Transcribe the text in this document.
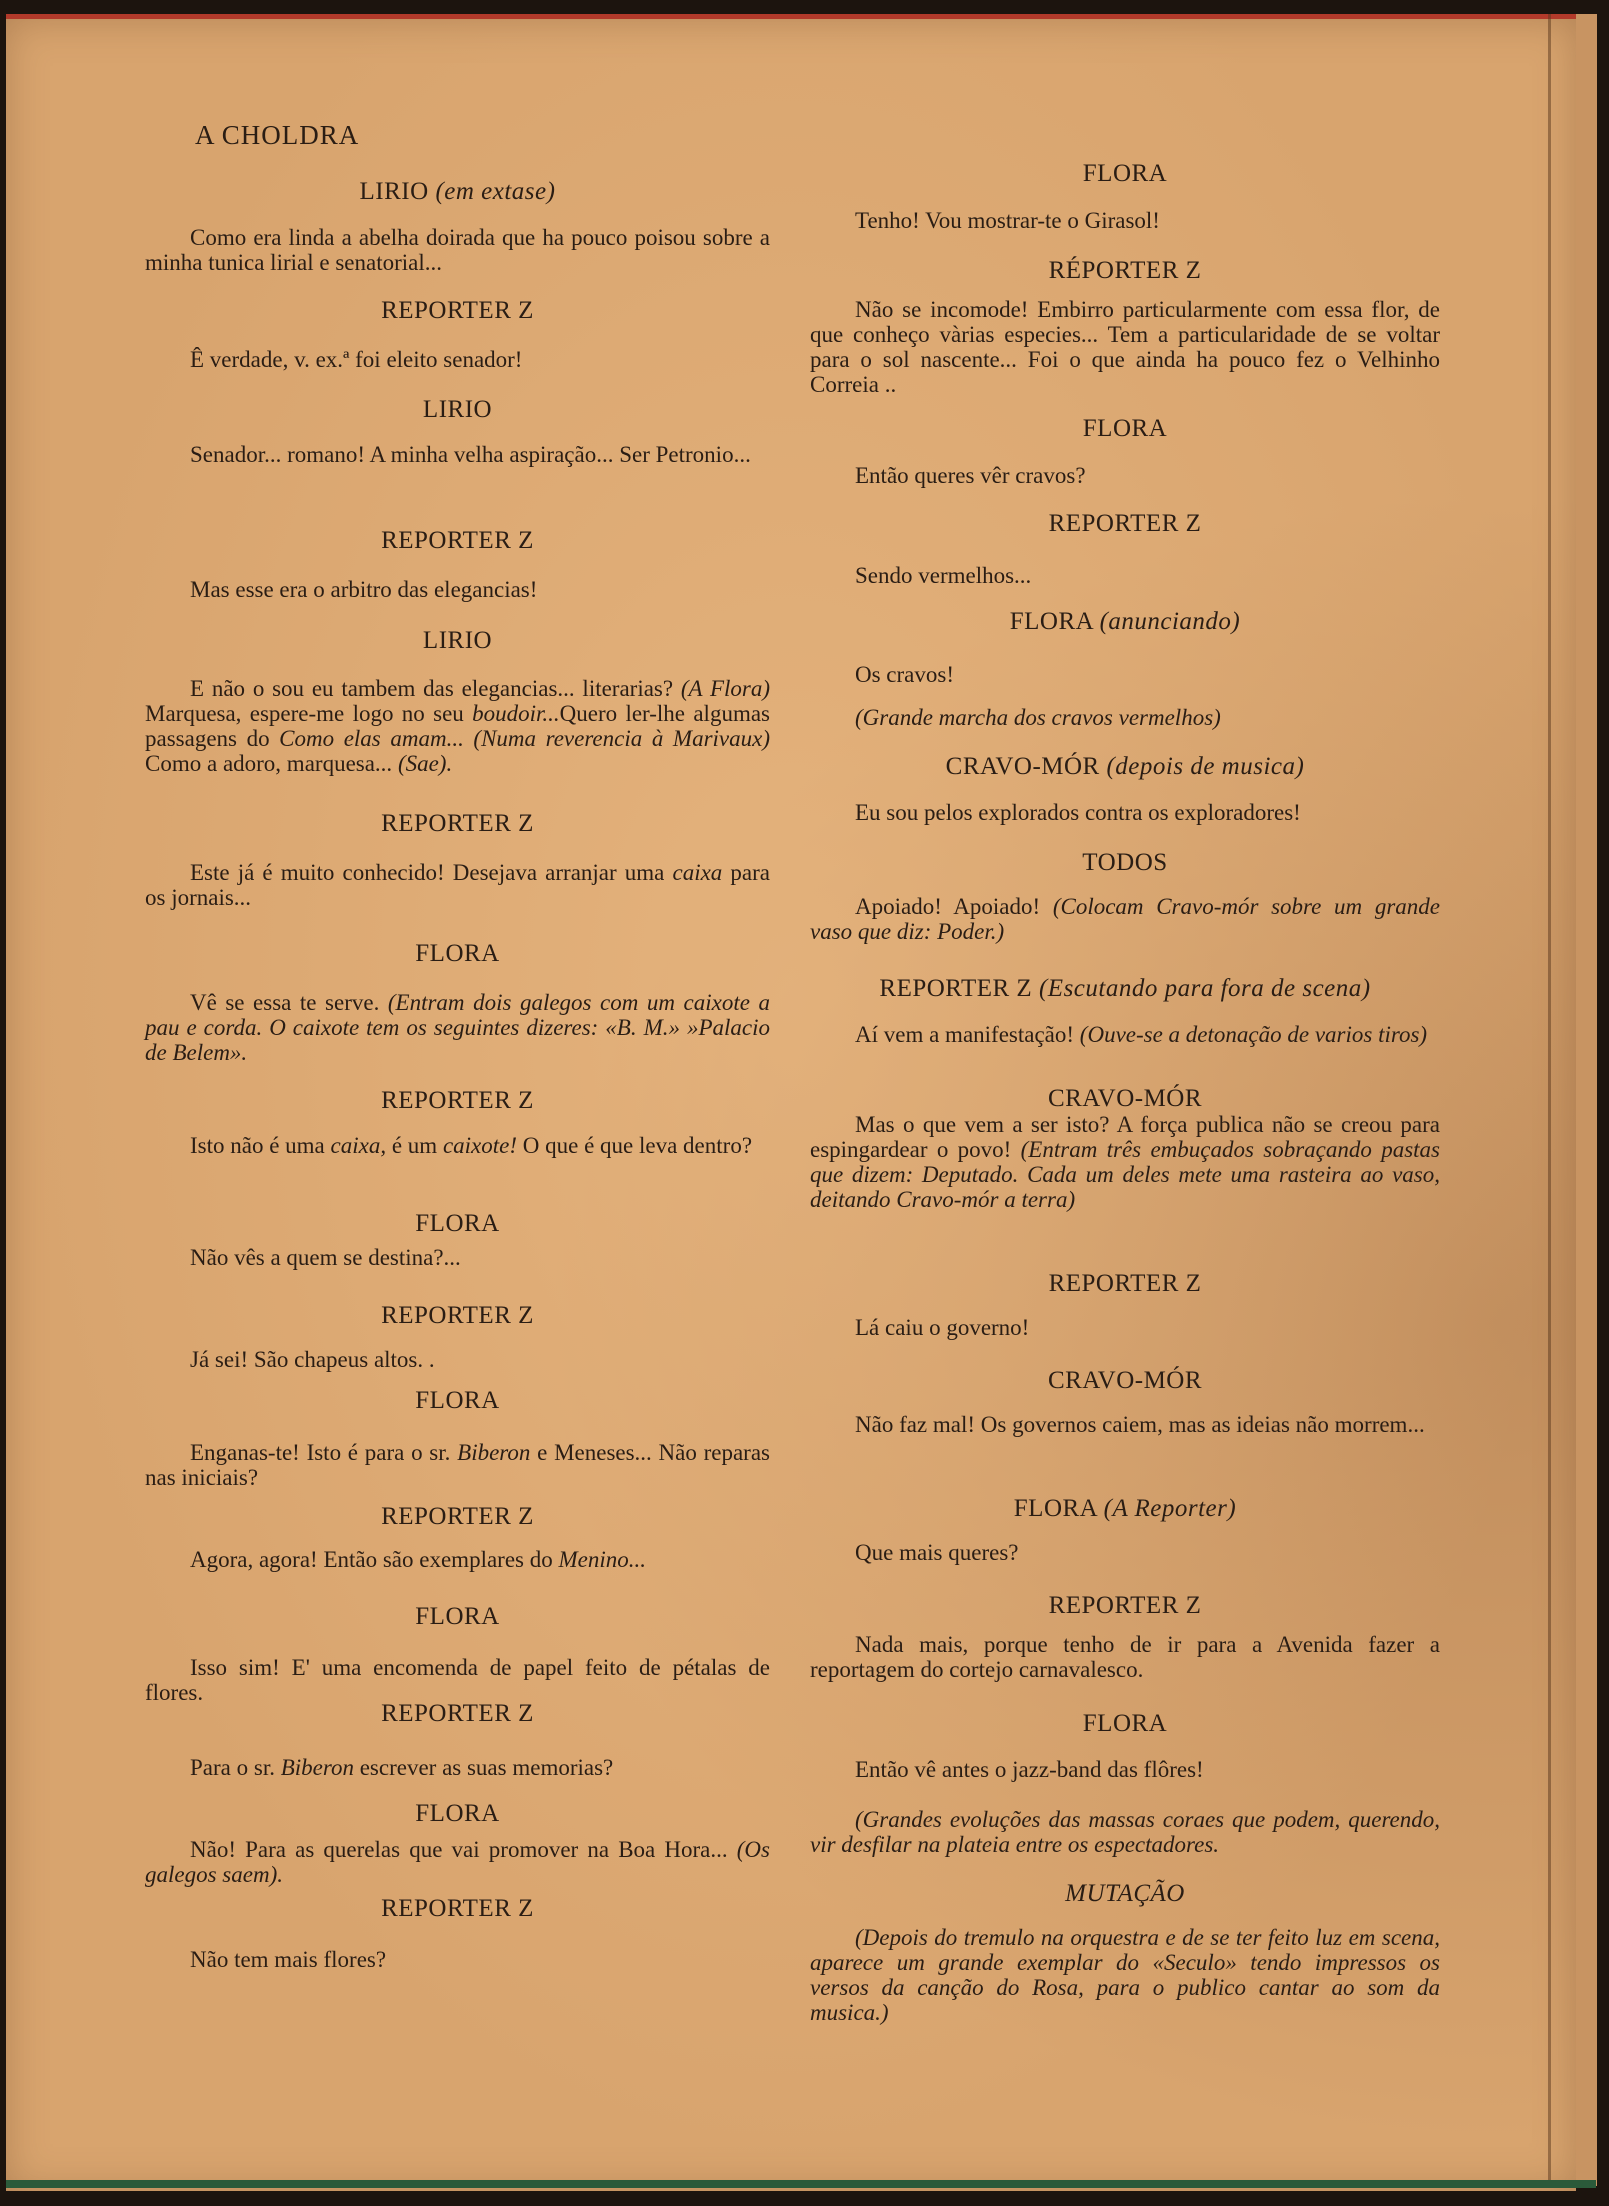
A CHOLDRA
LIRIO (em extase)
Como era linda a abelha doirada que ha pouco poisou sobre a minha tunica lirial e senatorial...
REPORTER Z
Ê verdade, v. ex.ª foi eleito senador!
LIRIO
Senador... romano! A minha velha aspiração... Ser Petronio...
REPORTER Z
Mas esse era o arbitro das elegancias!
LIRIO
E não o sou eu tambem das elegancias... literarias? (A Flora) Marquesa, espere-me logo no seu boudoir...Quero ler-lhe algumas passagens do Como elas amam... (Numa reverencia à Marivaux) Como a adoro, marquesa... (Sae).
REPORTER Z
Este já é muito conhecido! Desejava arranjar uma caixa para os jornais...
FLORA
Vê se essa te serve. (Entram dois galegos com um caixote a pau e corda. O caixote tem os seguintes dizeres: «B. M.» »Palacio de Belem».
REPORTER Z
Isto não é uma caixa, é um caixote! O que é que leva dentro?
FLORA
Não vês a quem se destina?...
REPORTER Z
Já sei! São chapeus altos. .
FLORA
Enganas-te! Isto é para o sr. Biberon e Meneses... Não reparas nas iniciais?
REPORTER Z
Agora, agora! Então são exemplares do Menino...
FLORA
Isso sim! E' uma encomenda de papel feito de pétalas de flores.
REPORTER Z
Para o sr. Biberon escrever as suas memorias?
FLORA
Não! Para as querelas que vai promover na Boa Hora... (Os galegos saem).
REPORTER Z
Não tem mais flores?
FLORA
Tenho! Vou mostrar-te o Girasol!
RÉPORTER Z
Não se incomode! Embirro particularmente com essa flor, de que conheço vàrias especies... Tem a particularidade de se voltar para o sol nascente... Foi o que ainda ha pouco fez o Velhinho Correia ..
FLORA
Então queres vêr cravos?
REPORTER Z
Sendo vermelhos...
FLORA (anunciando)
Os cravos!
(Grande marcha dos cravos vermelhos)
CRAVO-MÓR (depois de musica)
Eu sou pelos explorados contra os exploradores!
TODOS
Apoiado! Apoiado! (Colocam Cravo-mór sobre um grande vaso que diz: Poder.)
REPORTER Z (Escutando para fora de scena)
Aí vem a manifestação! (Ouve-se a detonação de varios tiros)
CRAVO-MÓR
Mas o que vem a ser isto? A força publica não se creou para espingardear o povo! (Entram três embuçados sobraçando pastas que dizem: Deputado. Cada um deles mete uma rasteira ao vaso, deitando Cravo-mór a terra)
REPORTER Z
Lá caiu o governo!
CRAVO-MÓR
Não faz mal! Os governos caiem, mas as ideias não morrem...
FLORA (A Reporter)
Que mais queres?
REPORTER Z
Nada mais, porque tenho de ir para a Avenida fazer a reportagem do cortejo carnavalesco.
FLORA
Então vê antes o jazz-band das flôres!
(Grandes evoluções das massas coraes que podem, querendo, vir desfilar na plateia entre os espectadores.
MUTAÇÃO
(Depois do tremulo na orquestra e de se ter feito luz em scena, aparece um grande exemplar do «Seculo» tendo impressos os versos da canção do Rosa, para o publico cantar ao som da musica.)
